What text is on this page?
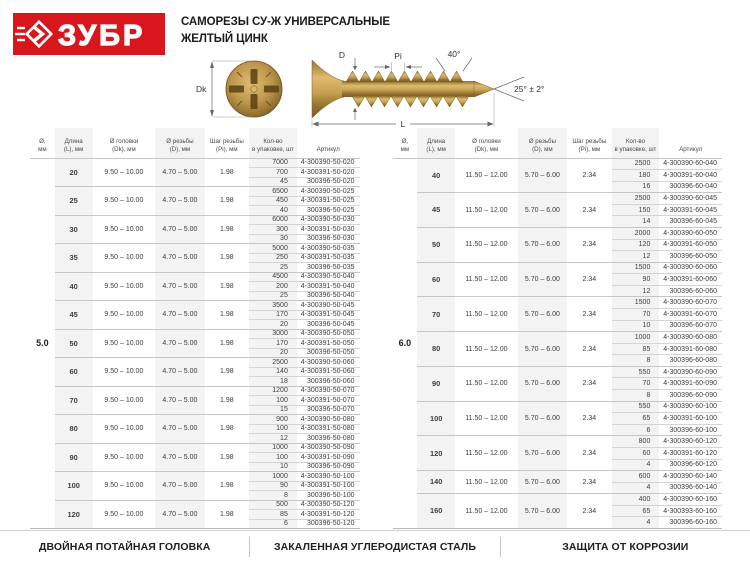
ЗУБР	САМОРЕЗЫ СУ-Ж УНИВЕРСАЛЬНЫЕ
ЖЕЛТЫЙ ЦИНК
Dk
D	Pi	40°
25° ± 2°
L
Ø,
мм

Длина
(L), мм

Ø головки
(Dk), мм

Ø резьбы
(D), мм

Шаг резьбы
(Pi), мм

Кол-во
в упаковке, шт	Артикул

5.0	20	9.50 – 10.00	4.70 – 5.00	1.98	7000	4-300390-50-020
					700	4-300391-50-020
					45	300396-50-020
	25	9.50 – 10.00	4.70 – 5.00	1.98	6500	4-300390-50-025
					450	4-300391-50-025
					40	300396-50-025
	30	9.50 – 10.00	4.70 – 5.00	1.98	6000	4-300390-50-030
					300	4-300391-50-030
					30	300396-50-030
	35	9.50 – 10.00	4.70 – 5.00	1.98	5000	4-300390-50-035
					250	4-300391-50-035
					25	300396-50-035
	40	9.50 – 10.00	4.70 – 5.00	1.98	4500	4-300390-50-040
					200	4-300391-50-040
					25	300396-50-040
	45	9.50 – 10.00	4.70 – 5.00	1.98	3500	4-300390-50-045
					170	4-300391-50-045
					20	300396-50-045
	50	9.50 – 10.00	4.70 – 5.00	1.98	3000	4-300390-50-050
					170	4-300391-50-050
					20	300396-50-050
	60	9.50 – 10.00	4.70 – 5.00	1.98	2500	4-300390-50-060
					140	4-300391-50-060
					18	300396-50-060
	70	9.50 – 10.00	4.70 – 5.00	1.98	1200	4-300390-50-070
					100	4-300391-50-070
					15	300396-50-070
	80	9.50 – 10.00	4.70 – 5.00	1.98	900	4-300390-50-080
					100	4-300391-50-080
					12	300396-50-080
	90	9.50 – 10.00	4.70 – 5.00	1.98	1000	4-300390-50-090
					100	4-300391-50-090
					10	300396-50-090
	100	9.50 – 10.00	4.70 – 5.00	1.98	1000	4-300390-50-100
					90	4-300391-50-100
					8	300396-50-100
	120	9.50 – 10.00	4.70 – 5.00	1.98	500	4-300390-50-120
					85	4-300391-50-120
					6	300396-50-120
Ø,
мм

Длина
(L), мм

Ø головки
(Dk), мм

Ø резьбы
(D), мм

Шаг резьбы
(Pi), мм

Кол-во
в упаковке, шт	Артикул

6.0	40	11.50 – 12.00	5.70 – 6.00	2.34	2500	4-300390-60-040
					180	4-300391-60-040
					16	300396-60-040
	45	11.50 – 12.00	5.70 – 6.00	2.34	2500	4-300390-60-045
					150	4-300391-60-045
					14	300396-60-045
	50	11.50 – 12.00	5.70 – 6.00	2.34	2000	4-300390-60-050
					120	4-300391-60-050
					12	300396-60-050
	60	11.50 – 12.00	5.70 – 6.00	2.34	1500	4-300390-60-060
					90	4-300391-60-060
					12	300396-60-060
	70	11.50 – 12.00	5.70 – 6.00	2.34	1500	4-300390-60-070
					70	4-300391-60-070
					10	300396-60-070
	80	11.50 – 12.00	5.70 – 6.00	2.34	1000	4-300390-60-080
					85	4-300391-60-080
					8	300396-60-080
	90	11.50 – 12.00	5.70 – 6.00	2.34	550	4-300390-60-090
					70	4-300391-60-090
					8	300396-60-090
	100	11.50 – 12.00	5.70 – 6.00	2.34	550	4-300390-60-100
					65	4-300391-60-100
					6	300396-60-100
	120	11.50 – 12.00	5.70 – 6.00	2.34	800	4-300390-60-120
					60	4-300391-60-120
					4	300396-60-120
	140	11.50 – 12.00	5.70 – 6.00	2.34	600	4-300390-60-140
					4	300396-60-140
	160	11.50 – 12.00	5.70 – 6.00	2.34	400	4-300390-60-160
					65	4-300393-60-160
					4	300396-60-160
ДВОЙНАЯ ПОТАЙНАЯ ГОЛОВКА	ЗАКАЛЕННАЯ УГЛЕРОДИСТАЯ СТАЛЬ	ЗАЩИТА ОТ КОРРОЗИИ
